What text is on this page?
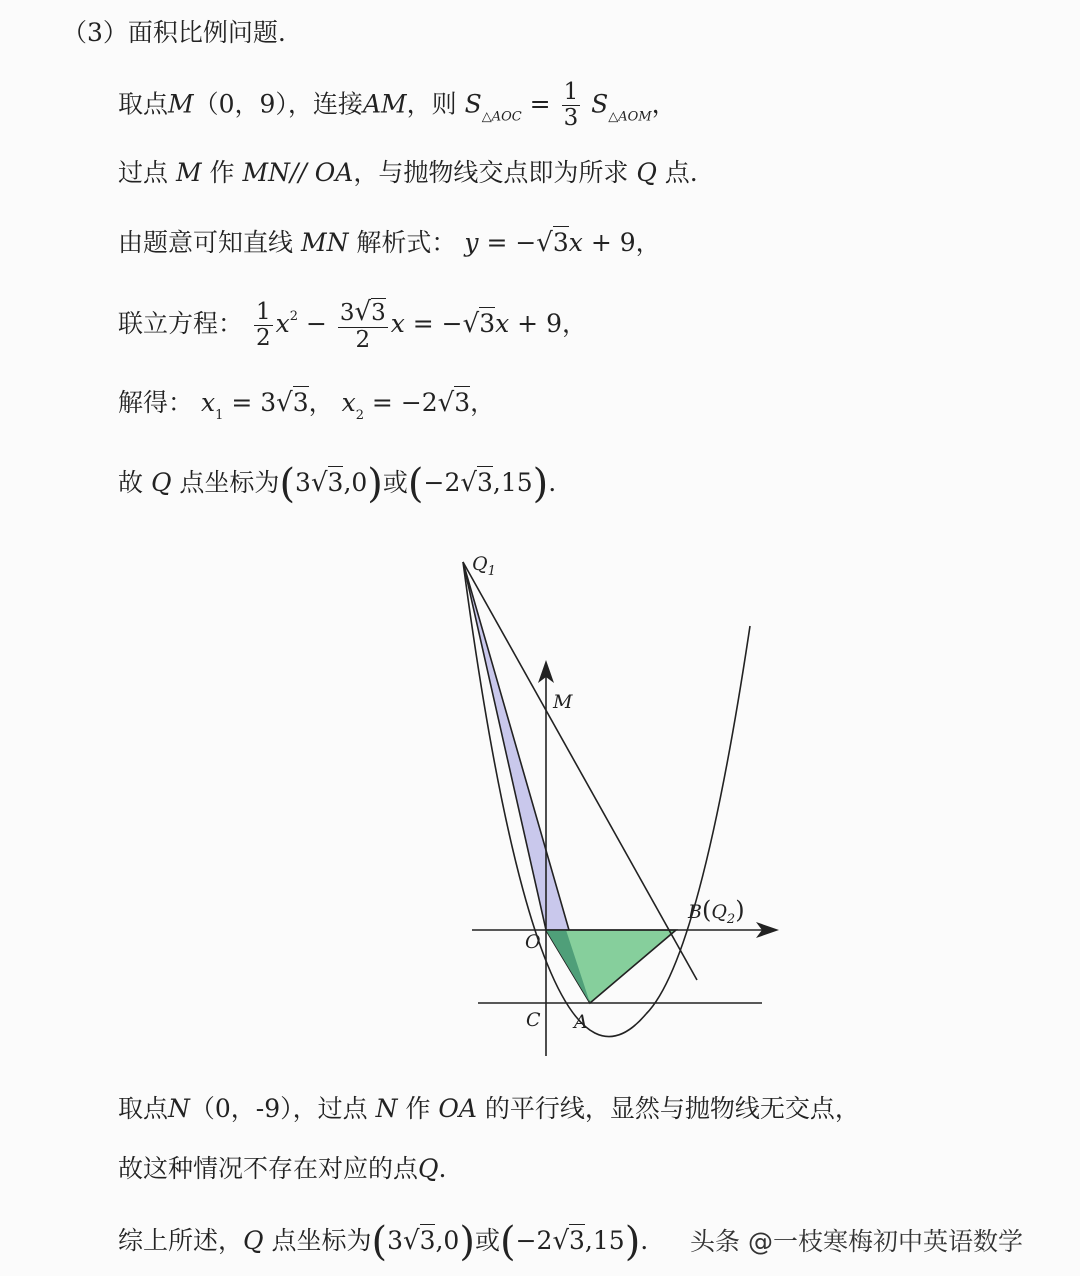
（3）面积比例问题.
取点M（0，9），连接AM，则 $S_{\triangle AOC} = \frac{1}{3} S_{\triangle AOM}$，
过点 M 作 MN// OA，与抛物线交点即为所求 Q 点.
由题意可知直线 MN 解析式： y = −√3x + 9，
联立方程： $\frac{1}{2} x^2 - \frac{3√3}{2}$ x = −√3x + 9，
解得： $x_1 = 3√3$， $x_2 = -2√3$，
故 Q 点坐标为(3√3,0)或(−2√3,15).
$Q_1$
M
$B(Q_2)$
O
C A
取点N（0，-9），过点 N 作 OA 的平行线，显然与抛物线无交点，
故这种情况不存在对应的点Q.
综上所述，Q 点坐标为(3√3,0)或(−2√3,15). 头条 @一枝寒梅初中英语数学
